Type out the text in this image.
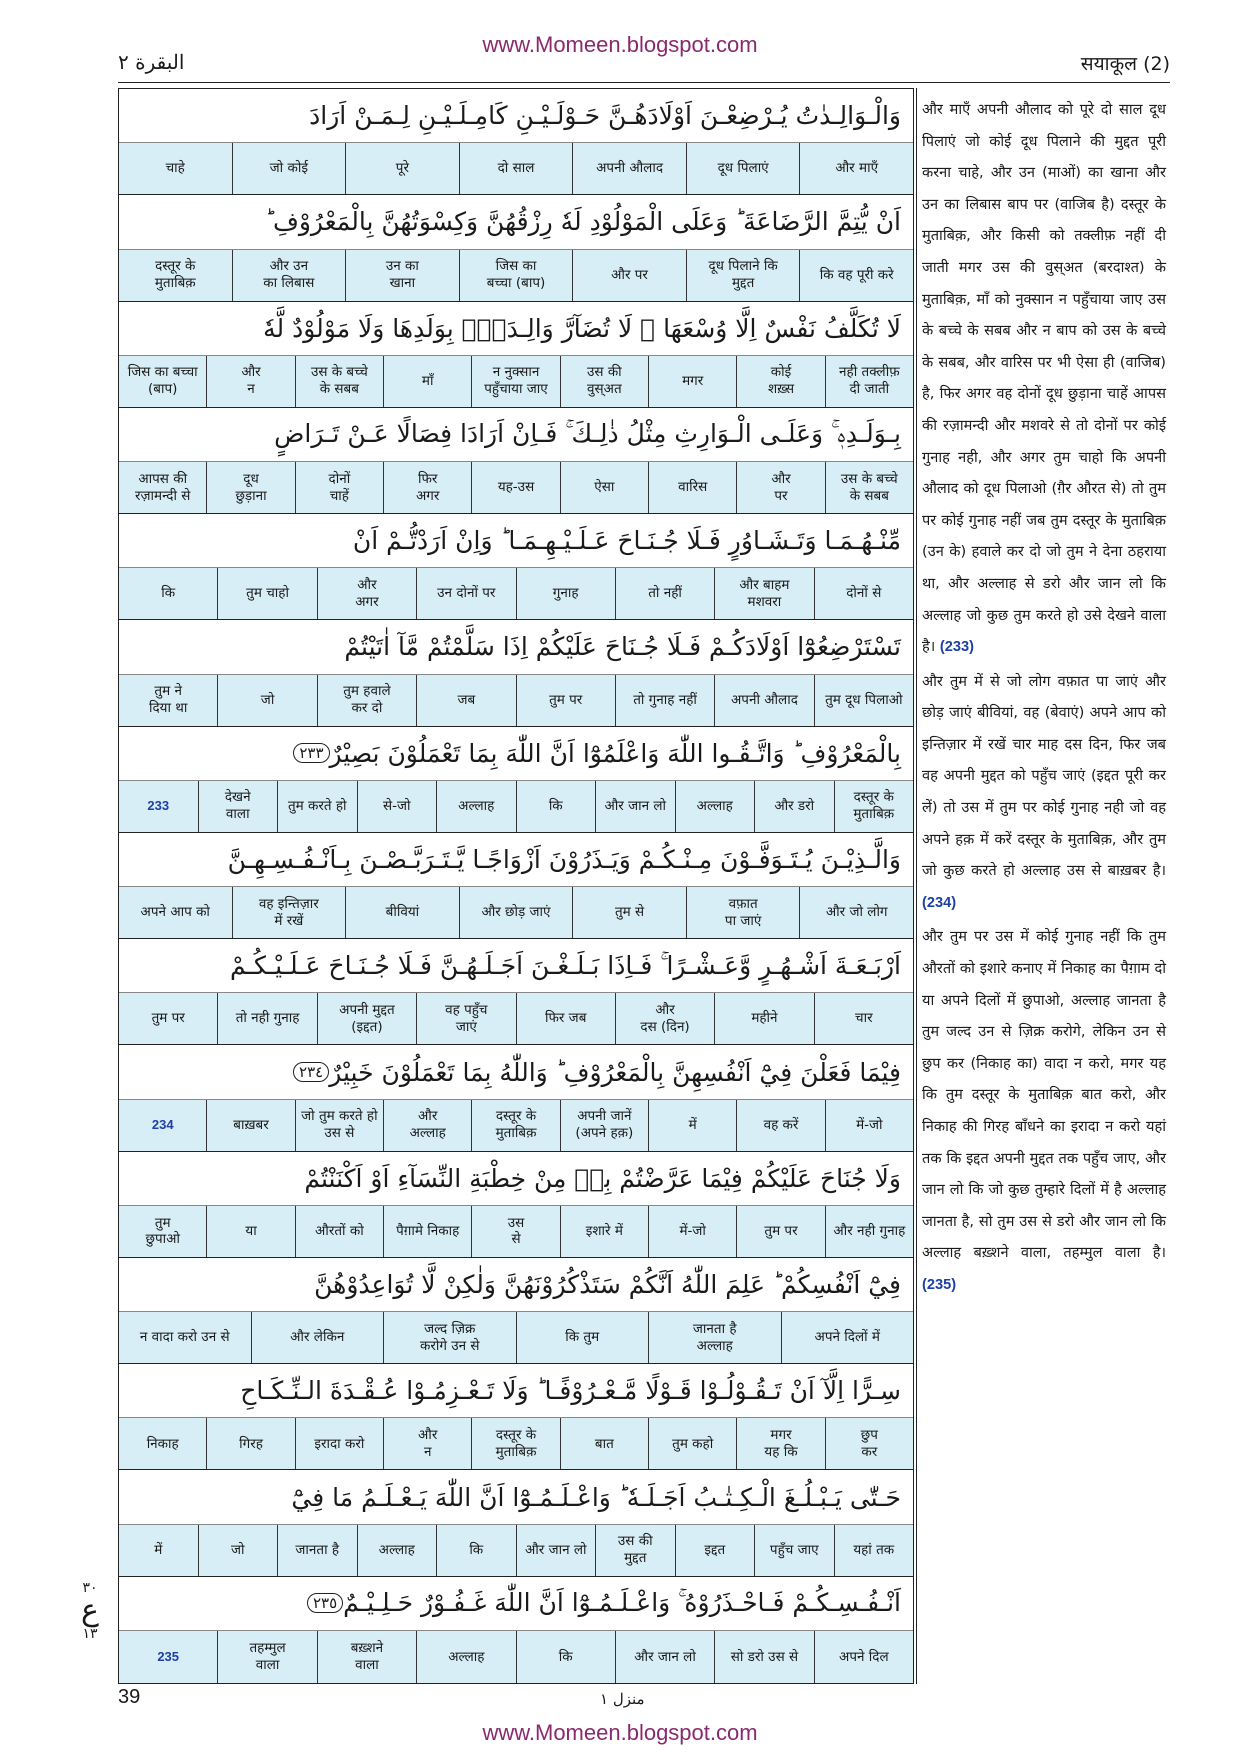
www.Momeen.blogspot.com
البقرة ٢	सयाकूल (2)
وَالْـوَالِـدٰتُ يُـرْضِعْـنَ اَوْلَادَهُـنَّ حَـوْلَـيْـنِ كَامِـلَـيْـنِ لِـمَـنْ اَرَادَ
और माएँ
दूध पिलाएं
अपनी औलाद
दो साल
पूरे
जो कोई
चाहे
اَنْ يُّتِمَّ الرَّضَاعَةَ ؕ وَعَلَى الْمَوْلُوْدِ لَهٗ رِزْقُهُنَّ وَكِسْوَتُهُنَّ بِالْمَعْرُوْفِ ؕ
कि वह पूरी करे
दूध पिलाने कि
मुद्दत
और पर
जिस का
बच्चा (बाप)
उन का
खाना
और उन
का लिबास
दस्तूर के
मुताबिक़
لَا تُكَلَّفُ نَفْسٌ اِلَّا وُسْعَهَا ۚ لَا تُضَآرَّ وَالِـدَةٌۢ بِوَلَدِهَا وَلَا مَوْلُوْدٌ لَّهٗ
नही तक्लीफ़
दी जाती
कोई
शख़्स
मगर
उस की
वुस्अत
न नुक्सान
पहुँचाया जाए
माँ
उस के बच्चे
के सबब
और
न
जिस का बच्चा
(बाप)
بِـوَلَـدِهٖ ۚ وَعَلَـى الْـوَارِثِ مِثْلُ ذٰلِـكَ ۚ فَـاِنْ اَرَادَا فِصَالًا عَـنْ تَـرَاضٍ
उस के बच्चे
के सबब
और
पर
वारिस
ऐसा
यह-उस
फिर
अगर
दोनों
चाहें
दूध
छुड़ाना
आपस की
रज़ामन्दी से
مِّنْـهُـمَـا وَتَـشَـاوُرٍ فَـلَا جُـنَـاحَ عَـلَـيْـهِـمَـا ؕ وَاِنْ اَرَدْتُّـمْ اَنْ
दोनों से
और बाहम
मशवरा
तो नहीं
गुनाह
उन दोनों पर
और
अगर
तुम चाहो
कि
تَسْتَرْضِعُوْٓا اَوْلَادَكُـمْ فَـلَا جُـنَاحَ عَلَيْكُمْ اِذَا سَلَّمْتُمْ مَّآ اٰتَيْتُمْ
तुम दूध पिलाओ
अपनी औलाद
तो गुनाह नहीं
तुम पर
जब
तुम हवाले
कर दो
जो
तुम ने
दिया था
بِالْمَعْرُوْفِ ؕ وَاتَّـقُـوا اللّٰهَ وَاعْلَمُوْٓا اَنَّ اللّٰهَ بِمَا تَعْمَلُوْنَ بَصِيْرٌ
٢٣٣
दस्तूर के
मुताबिक़
और डरो
अल्लाह
और जान लो
कि
अल्लाह
से-जो
तुम करते हो
देखने
वाला
233
وَالَّـذِيْـنَ يُـتَـوَفَّـوْنَ مِـنْـكُـمْ وَيَـذَرُوْنَ اَزْوَاجًـا يَّـتَـرَبَّـصْـنَ بِـاَنْـفُـسِـهِـنَّ
और जो लोग
वफ़ात
पा जाएं
तुम से
और छोड़ जाएं
बीवियां
वह इन्तिज़ार
में रखें
अपने आप को
اَرْبَـعَـةَ اَشْـهُـرٍ وَّعَـشْـرًا ۚ فَـاِذَا بَـلَـغْـنَ اَجَـلَـهُـنَّ فَـلَا جُـنَـاحَ عَـلَـيْـكُـمْ
चार
महीने
और
दस (दिन)
फिर जब
वह पहुँच
जाएं
अपनी मुद्दत
(इद्दत)
तो नही गुनाह
तुम पर
فِيْمَا فَعَلْنَ فِيْٓ اَنْفُسِهِنَّ بِالْمَعْرُوْفِ ؕ وَاللّٰهُ بِمَا تَعْمَلُوْنَ خَبِيْرٌ
٢٣٤
में-जो
वह करें
में
अपनी जानें
(अपने हक़)
दस्तूर के
मुताबिक़
और
अल्लाह
जो तुम करते हो
उस से
बाख़बर
234
وَلَا جُنَاحَ عَلَيْكُمْ فِيْمَا عَرَّضْتُمْ بِهٖ مِنْ خِطْبَةِ النِّسَآءِ اَوْ اَكْنَنْتُمْ
और नही गुनाह
तुम पर
में-जो
इशारे में
उस
से
पैग़ामे निकाह
औरतों को
या
तुम
छुपाओ
فِيْٓ اَنْفُسِكُمْ ؕ عَلِمَ اللّٰهُ اَنَّكُمْ سَتَذْكُرُوْنَهُنَّ وَلٰكِنْ لَّا تُوَاعِدُوْهُنَّ
अपने दिलों में
जानता है
अल्लाह
कि तुम
जल्द ज़िक्र
करोगे उन से
और लेकिन
न वादा करो उन से
سِـرًّا اِلَّآ اَنْ تَـقُـوْلُـوْا قَـوْلًا مَّـعْـرُوْفًـا ؕ وَلَا تَـعْـزِمُـوْا عُـقْـدَةَ الـنِّـكَـاحِ
छुप
कर
मगर
यह कि
तुम कहो
बात
दस्तूर के
मुताबिक़
और
न
इरादा करो
गिरह
निकाह
حَـتّٰى يَـبْـلُـغَ الْـكِـتٰـبُ اَجَـلَـهٗ ؕ وَاعْـلَـمُـوْٓا اَنَّ اللّٰهَ يَـعْـلَـمُ مَا فِيْٓ
यहां तक
पहुँच जाए
इद्दत
उस की
मुद्दत
और जान लो
कि
अल्लाह
जानता है
जो
में
اَنْـفُـسِـكُـمْ فَـاحْـذَرُوْهُ ۚ وَاعْـلَـمُـوْٓا اَنَّ اللّٰهَ غَـفُـوْرٌ حَـلِـيْـمٌ
٢٣٥
अपने दिल
सो डरो उस से
और जान लो
कि
अल्लाह
बख़्शने
वाला
तहम्मुल
वाला
235
और माएँ अपनी औलाद को पूरे दो साल दूध पिलाएं जो कोई दूध पिलाने की मुद्दत पूरी करना चाहे, और उन (माओं) का खाना और उन का लिबास बाप पर (वाजिब है) दस्तूर के मुताबिक़, और किसी को तक्लीफ़ नहीं दी जाती मगर उस की वुस्अत (बरदाश्त) के मुताबिक़, माँ को नुक्सान न पहुँचाया जाए उस के बच्चे के सबब और न बाप को उस के बच्चे के सबब, और वारिस पर भी ऐसा ही (वाजिब) है, फिर अगर वह दोनों दूध छुड़ाना चाहें आपस की रज़ामन्दी और मशवरे से तो दोनों पर कोई गुनाह नही, और अगर तुम चाहो कि अपनी औलाद को दूध पिलाओ (ग़ैर औरत से) तो तुम पर कोई गुनाह नहीं जब तुम दस्तूर के मुताबिक़ (उन के) हवाले कर दो जो तुम ने देना ठहराया था, और अल्लाह से डरो और जान लो कि अल्लाह जो कुछ तुम करते हो उसे देखने वाला है। (233)
और तुम में से जो लोग वफ़ात पा जाएं और छोड़ जाएं बीवियां, वह (बेवाएं) अपने आप को इन्तिज़ार में रखें चार माह दस दिन, फिर जब वह अपनी मुद्दत को पहुँच जाएं (इद्दत पूरी कर लें) तो उस में तुम पर कोई गुनाह नही जो वह अपने हक़ में करें दस्तूर के मुताबिक़, और तुम जो कुछ करते हो अल्लाह उस से बाख़बर है। (234)
और तुम पर उस में कोई गुनाह नहीं कि तुम औरतों को इशारे कनाए में निकाह का पैग़ाम दो या अपने दिलों में छुपाओ, अल्लाह जानता है तुम जल्द उन से ज़िक्र करोगे, लेकिन उन से छुप कर (निकाह का) वादा न करो, मगर यह कि तुम दस्तूर के मुताबिक़ बात करो, और निकाह की गिरह बाँधने का इरादा न करो यहां तक कि इद्दत अपनी मुद्दत तक पहुँच जाए, और जान लो कि जो कुछ तुम्हारे दिलों में है अल्लाह जानता है, सो तुम उस से डरो और जान लो कि अल्लाह बख़्शने वाला, तहम्मुल वाला है। (235)
٣٠
ع
١٣
39	منزل ١
www.Momeen.blogspot.com
